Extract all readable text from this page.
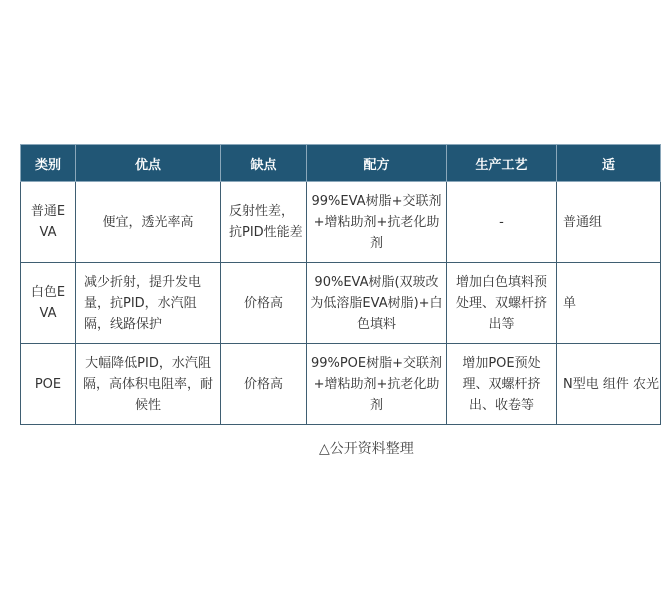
类别	优点	缺点	配方	生产工艺	适
普通E VA	便宜，透光率高	反射性差，抗PID性能差	99%EVA树脂+交联剂+增粘助剂+抗老化助剂	-	普通组
白色E VA	减少折射，提升发电量，抗PID，水汽阻隔，线路保护	价格高	90%EVA树脂(双玻改为低溶脂EVA树脂)+白色填料	增加白色填料预处理、双螺杆挤出等	单
POE	大幅降低PID，水汽阻隔，高体积电阻率，耐候性	价格高	99%POE树脂+交联剂+增粘助剂+抗老化助剂	增加POE预处理、双螺杆挤出、收卷等	N型电 组件 农光
△公开资料整理
